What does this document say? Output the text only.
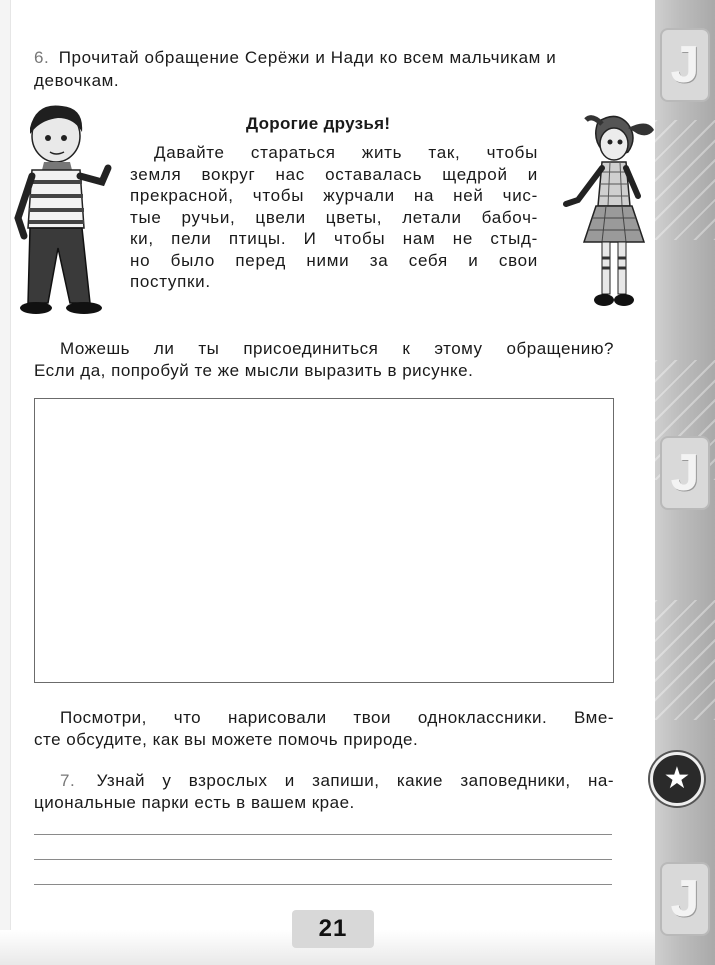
J
J
J
★
6. Прочитай обращение Серёжи и Нади ко всем мальчикам и девочкам.
Дорогие друзья!
Давайте стараться жить так, чтобы
земля вокруг нас оставалась щедрой и
прекрасной, чтобы журчали на ней чис-
тые ручьи, цвели цветы, летали бабоч-
ки, пели птицы. И чтобы нам не стыд-
но было перед ними за себя и свои
поступки.
Можешь ли ты присоединиться к этому обращению?
Если да, попробуй те же мысли выразить в рисунке.
Посмотри, что нарисовали твои одноклассники. Вме-
сте обсудите, как вы можете помочь природе.
7. Узнай у взрослых и запиши, какие заповедники, на-
циональные парки есть в вашем крае.
21
